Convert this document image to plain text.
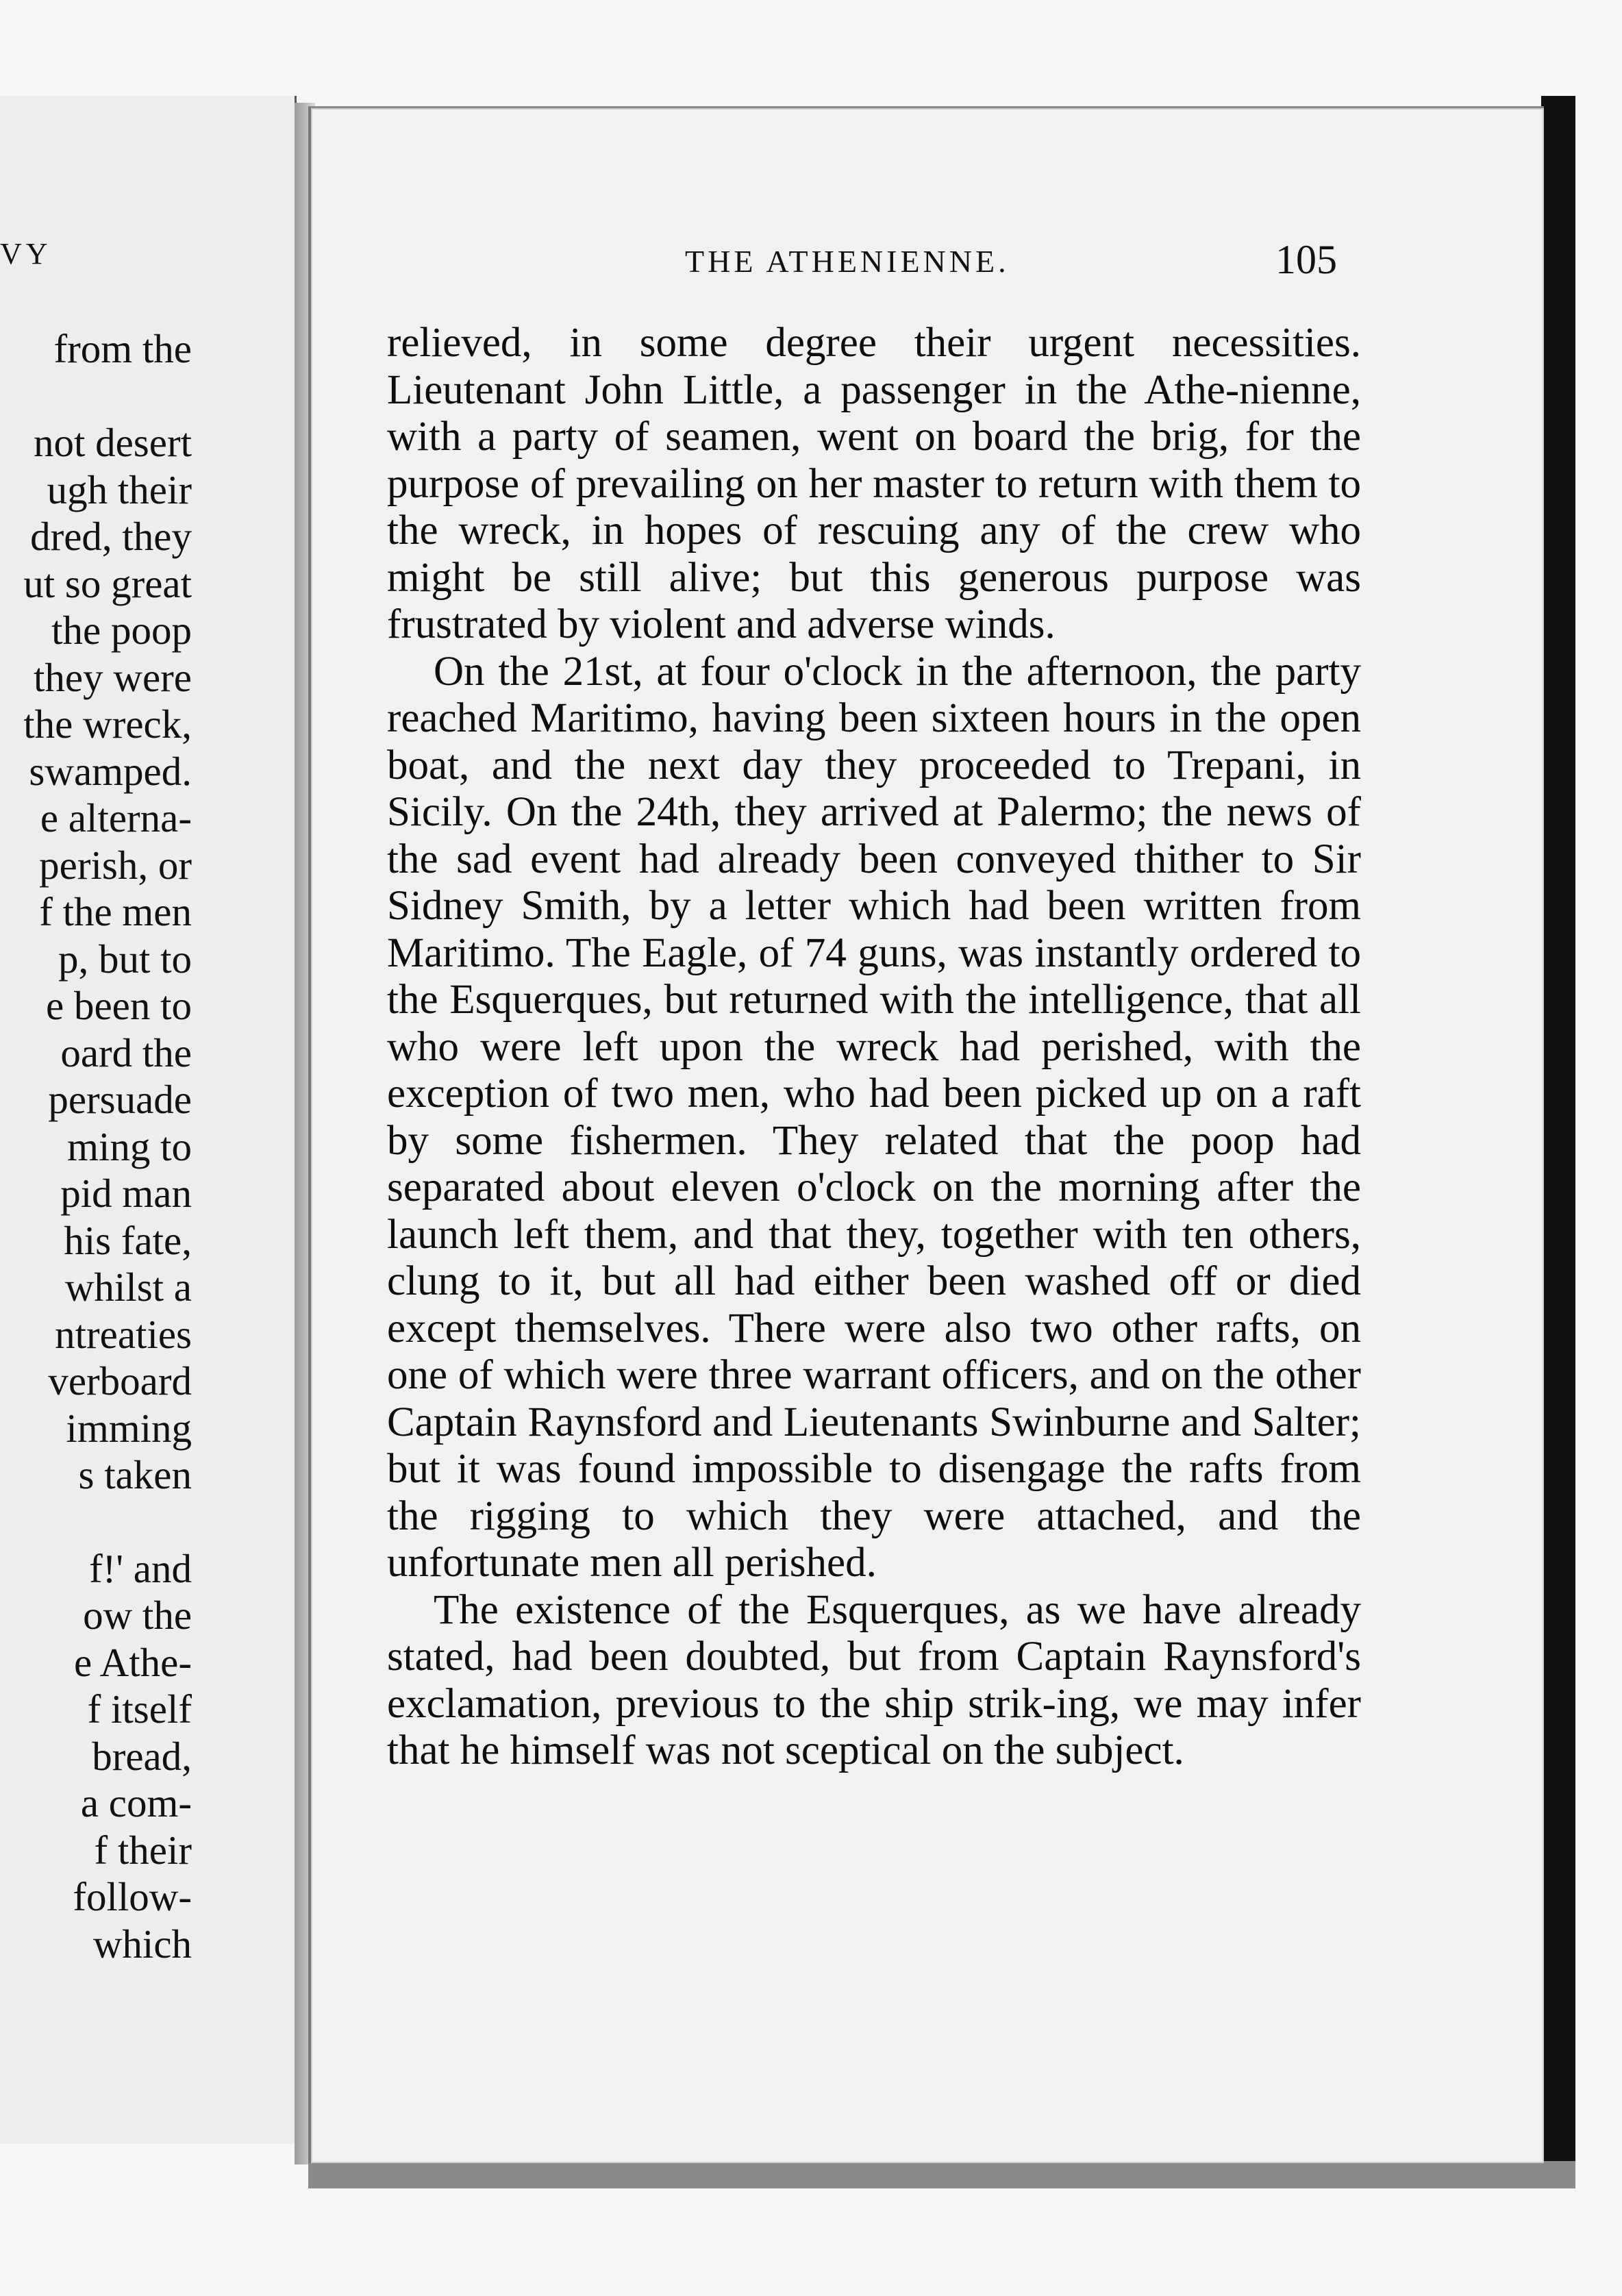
VY
from the

not desert
ugh their
dred, they
ut so great
the poop
they were
the wreck,
swamped.
e alterna-
perish, or
f the men
p, but to
e been to
oard the
persuade
ming to
pid man
his fate,
whilst a
ntreaties
verboard
imming
s taken
f!' and
ow the
e Athe-
f itself
bread,
a com-
f their
follow-
which
THE ATHENIENNE.	105

relieved, in some degree their urgent necessities. Lieutenant John Little, a passenger in the Athe-nienne, with a party of seamen, went on board the brig, for the purpose of prevailing on her master to return with them to the wreck, in hopes of rescuing any of the crew who might be still alive; but this generous purpose was frustrated by violent and adverse winds.

On the 21st, at four o'clock in the afternoon, the party reached Maritimo, having been sixteen hours in the open boat, and the next day they proceeded to Trepani, in Sicily. On the 24th, they arrived at Palermo; the news of the sad event had already been conveyed thither to Sir Sidney Smith, by a letter which had been written from Maritimo. The Eagle, of 74 guns, was instantly ordered to the Esquerques, but returned with the intelligence, that all who were left upon the wreck had perished, with the exception of two men, who had been picked up on a raft by some fishermen. They related that the poop had separated about eleven o'clock on the morning after the launch left them, and that they, together with ten others, clung to it, but all had either been washed off or died except themselves. There were also two other rafts, on one of which were three warrant officers, and on the other Captain Raynsford and Lieutenants Swinburne and Salter; but it was found impossible to disengage the rafts from the rigging to which they were attached, and the unfortunate men all perished.

The existence of the Esquerques, as we have already stated, had been doubted, but from Captain Raynsford's exclamation, previous to the ship strik-ing, we may infer that he himself was not sceptical on the subject.
